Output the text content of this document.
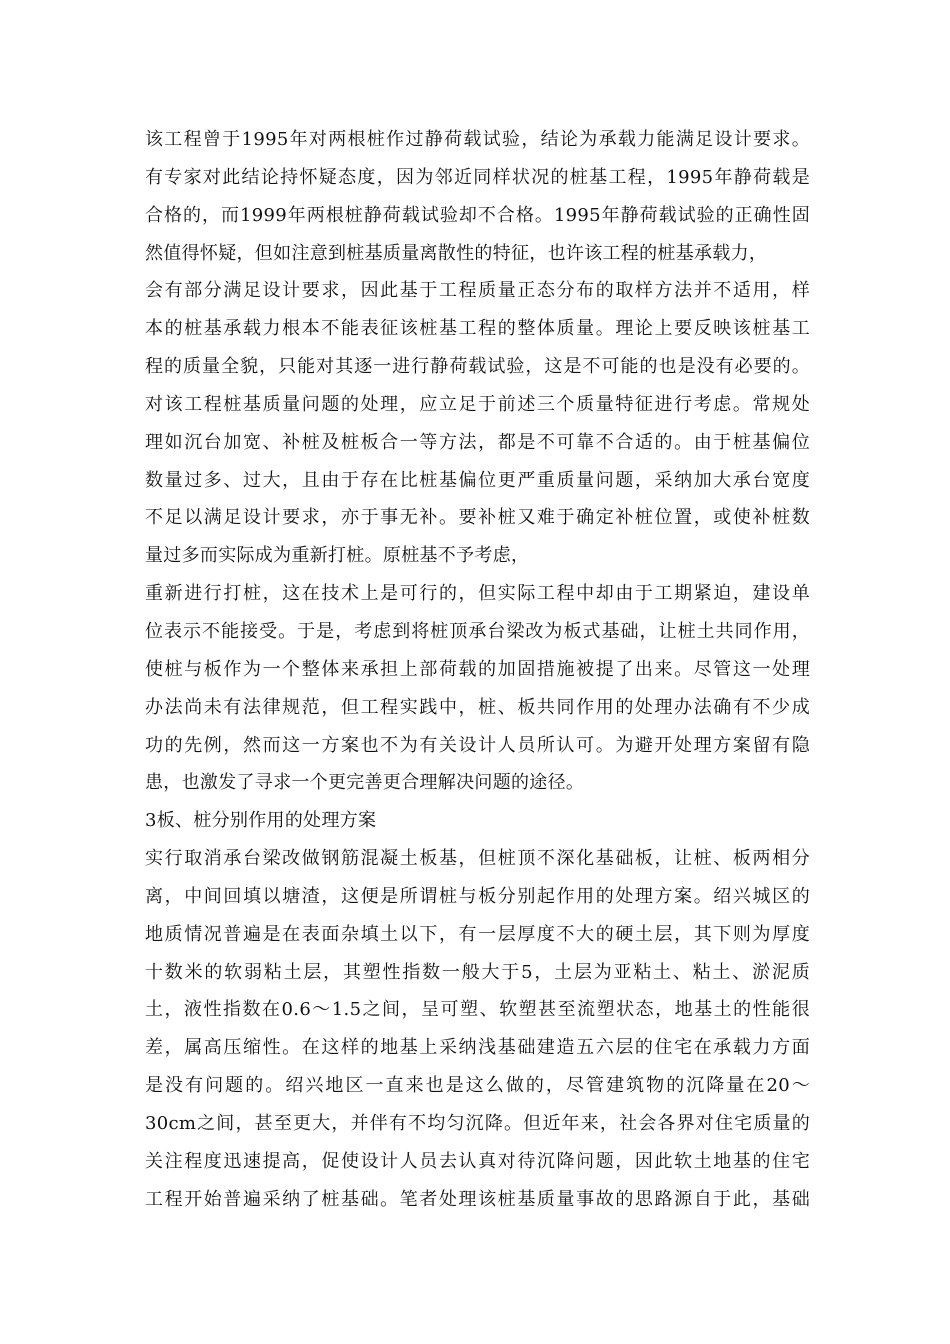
该工程曾于1995年对两根桩作过静荷载试验，结论为承载力能满足设计要求。
有专家对此结论持怀疑态度，因为邻近同样状况的桩基工程，1995年静荷载是
合格的，而1999年两根桩静荷载试验却不合格。1995年静荷载试验的正确性固
然值得怀疑，但如注意到桩基质量离散性的特征，也许该工程的桩基承载力，
会有部分满足设计要求，因此基于工程质量正态分布的取样方法并不适用，样
本的桩基承载力根本不能表征该桩基工程的整体质量。理论上要反映该桩基工
程的质量全貌，只能对其逐一进行静荷载试验，这是不可能的也是没有必要的。
对该工程桩基质量问题的处理，应立足于前述三个质量特征进行考虑。常规处
理如沉台加宽、补桩及桩板合一等方法，都是不可靠不合适的。由于桩基偏位
数量过多、过大，且由于存在比桩基偏位更严重质量问题，采纳加大承台宽度
不足以满足设计要求，亦于事无补。要补桩又难于确定补桩位置，或使补桩数
量过多而实际成为重新打桩。原桩基不予考虑，
重新进行打桩，这在技术上是可行的，但实际工程中却由于工期紧迫，建设单
位表示不能接受。于是，考虑到将桩顶承台梁改为板式基础，让桩土共同作用，
使桩与板作为一个整体来承担上部荷载的加固措施被提了出来。尽管这一处理
办法尚未有法律规范，但工程实践中，桩、板共同作用的处理办法确有不少成
功的先例，然而这一方案也不为有关设计人员所认可。为避开处理方案留有隐
患，也激发了寻求一个更完善更合理解决问题的途径。
3板、桩分别作用的处理方案
实行取消承台梁改做钢筋混凝土板基，但桩顶不深化基础板，让桩、板两相分
离，中间回填以塘渣，这便是所谓桩与板分别起作用的处理方案。绍兴城区的
地质情况普遍是在表面杂填土以下，有一层厚度不大的硬土层，其下则为厚度
十数米的软弱粘土层，其塑性指数一般大于5，土层为亚粘土、粘土、淤泥质
土，液性指数在0.6～1.5之间，呈可塑、软塑甚至流塑状态，地基土的性能很
差，属高压缩性。在这样的地基上采纳浅基础建造五六层的住宅在承载力方面
是没有问题的。绍兴地区一直来也是这么做的，尽管建筑物的沉降量在20～
30cm之间，甚至更大，并伴有不均匀沉降。但近年来，社会各界对住宅质量的
关注程度迅速提高，促使设计人员去认真对待沉降问题，因此软土地基的住宅
工程开始普遍采纳了桩基础。笔者处理该桩基质量事故的思路源自于此，基础
